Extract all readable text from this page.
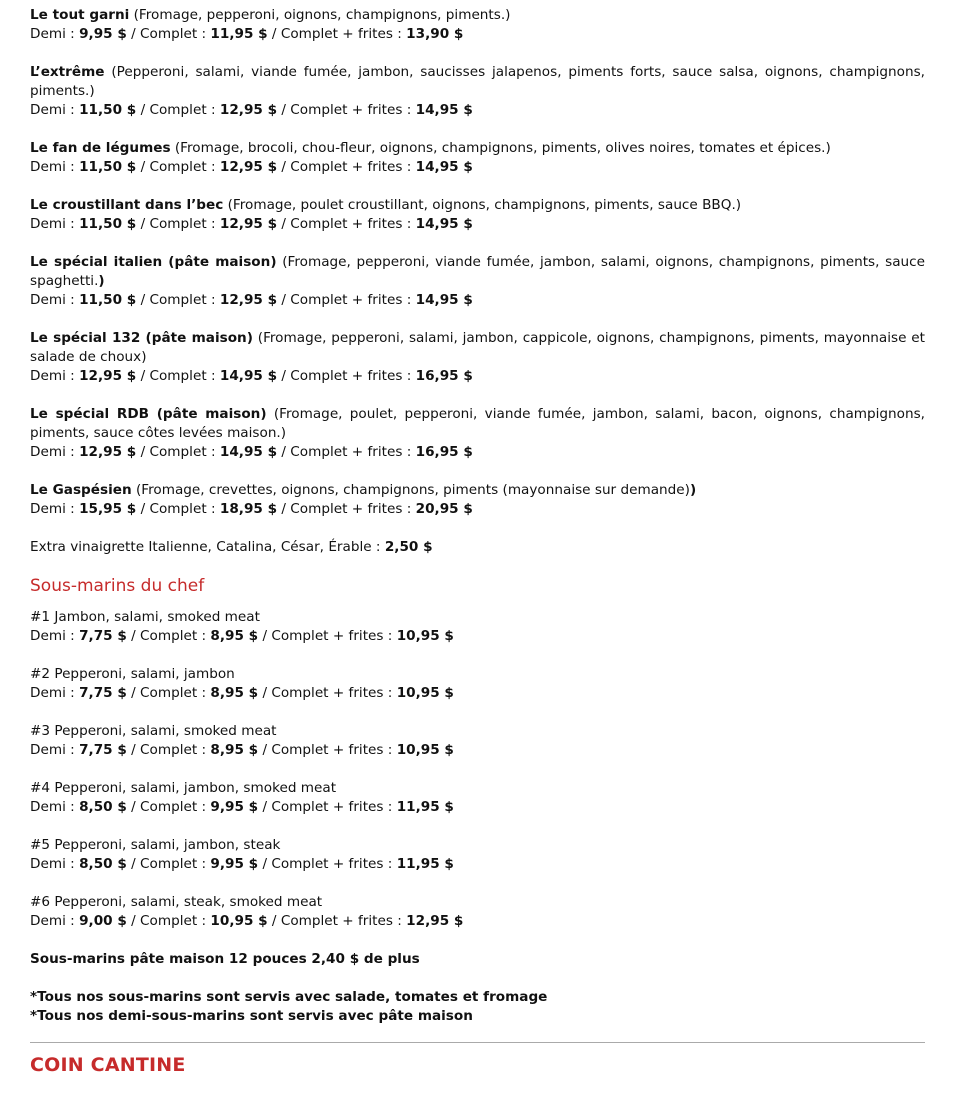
Le tout garni (Fromage, pepperoni, oignons, champignons, piments.)
Demi : 9,95 $ / Complet : 11,95 $ / Complet + frites : 13,90 $
L’extrême (Pepperoni, salami, viande fumée, jambon, saucisses jalapenos, piments forts, sauce salsa, oignons, champignons, piments.)
Demi : 11,50 $ / Complet : 12,95 $ / Complet + frites : 14,95 $
Le fan de légumes (Fromage, brocoli, chou-fleur, oignons, champignons, piments, olives noires, tomates et épices.)
Demi : 11,50 $ / Complet : 12,95 $ / Complet + frites : 14,95 $
Le croustillant dans l’bec (Fromage, poulet croustillant, oignons, champignons, piments, sauce BBQ.)
Demi : 11,50 $ / Complet : 12,95 $ / Complet + frites : 14,95 $
Le spécial italien (pâte maison) (Fromage, pepperoni, viande fumée, jambon, salami, oignons, champignons, piments, sauce spaghetti.)
Demi : 11,50 $ / Complet : 12,95 $ / Complet + frites : 14,95 $
Le spécial 132 (pâte maison) (Fromage, pepperoni, salami, jambon, cappicole, oignons, champignons, piments, mayonnaise et salade de choux)
Demi : 12,95 $ / Complet : 14,95 $ / Complet + frites : 16,95 $
Le spécial RDB (pâte maison) (Fromage, poulet, pepperoni, viande fumée, jambon, salami, bacon, oignons, champignons, piments, sauce côtes levées maison.)
Demi : 12,95 $ / Complet : 14,95 $ / Complet + frites : 16,95 $
Le Gaspésien (Fromage, crevettes, oignons, champignons, piments (mayonnaise sur demande))
Demi : 15,95 $ / Complet : 18,95 $ / Complet + frites : 20,95 $
Extra vinaigrette Italienne, Catalina, César, Érable : 2,50 $
Sous-marins du chef
#1 Jambon, salami, smoked meat
Demi : 7,75 $ / Complet : 8,95 $ / Complet + frites : 10,95 $
#2 Pepperoni, salami, jambon
Demi : 7,75 $ / Complet : 8,95 $ / Complet + frites : 10,95 $
#3 Pepperoni, salami, smoked meat
Demi : 7,75 $ / Complet : 8,95 $ / Complet + frites : 10,95 $
#4 Pepperoni, salami, jambon, smoked meat
Demi : 8,50 $ / Complet : 9,95 $ / Complet + frites : 11,95 $
#5 Pepperoni, salami, jambon, steak
Demi : 8,50 $ / Complet : 9,95 $ / Complet + frites : 11,95 $
#6 Pepperoni, salami, steak, smoked meat
Demi : 9,00 $ / Complet : 10,95 $ / Complet + frites : 12,95 $
Sous-marins pâte maison 12 pouces 2,40 $ de plus
*Tous nos sous-marins sont servis avec salade, tomates et fromage
*Tous nos demi-sous-marins sont servis avec pâte maison
COIN CANTINE
